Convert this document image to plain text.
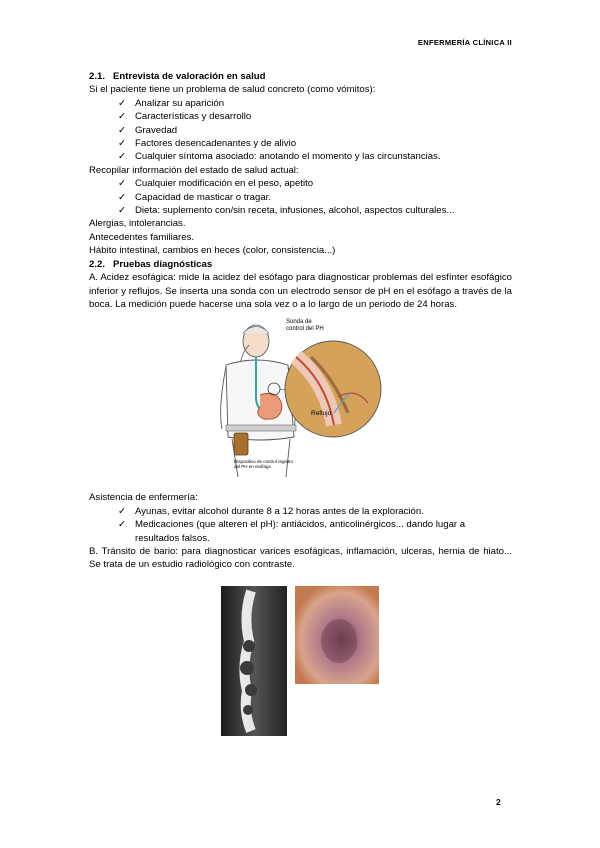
ENFERMERÍA CLÍNICA II
2.1. Entrevista de valoración en salud

Si el paciente tiene un problema de salud concreto (como vómitos):

✓ Analizar su aparición
✓ Características y desarrollo
✓ Gravedad
✓ Factores desencadenantes y de alivio
✓ Cualquier síntoma asociado: anotando el momento y las circunstancias.

Recopilar información del estado de salud actual:

✓ Cualquier modificación en el peso, apetito
✓ Capacidad de masticar o tragar.
✓ Dieta: suplemento con/sin receta, infusiones, alcohol, aspectos culturales...

Alergias, intolerancias.

Antecedentes familiares.

Hábito intestinal, cambios en heces (color, consistencia...)

2.2. Pruebas diagnósticas

A. Acidez esofágica: mide la acidez del esófago para diagnosticar problemas del esfínter esofágico inferior y reflujos. Se inserta una sonda con un electrodo sensor de pH en el esófago a través de la boca. La medición puede hacerse una sola vez o a lo largo de un periodo de 24 horas.

Sonda de control del PH
Reflujo
Dispositivo de control registro del PH en esófago

Asistencia de enfermería:

✓ Ayunas, evitar alcohol durante 8 a 12 horas antes de la exploración.
✓ Medicaciones (que alteren el pH): antiácidos, anticolinérgicos... dando lugar a resultados falsos.

B. Tránsito de bario: para diagnosticar varices esofágicas, inflamación, ulceras, hernia de hiato... Se trata de un estudio radiológico con contraste.

2
